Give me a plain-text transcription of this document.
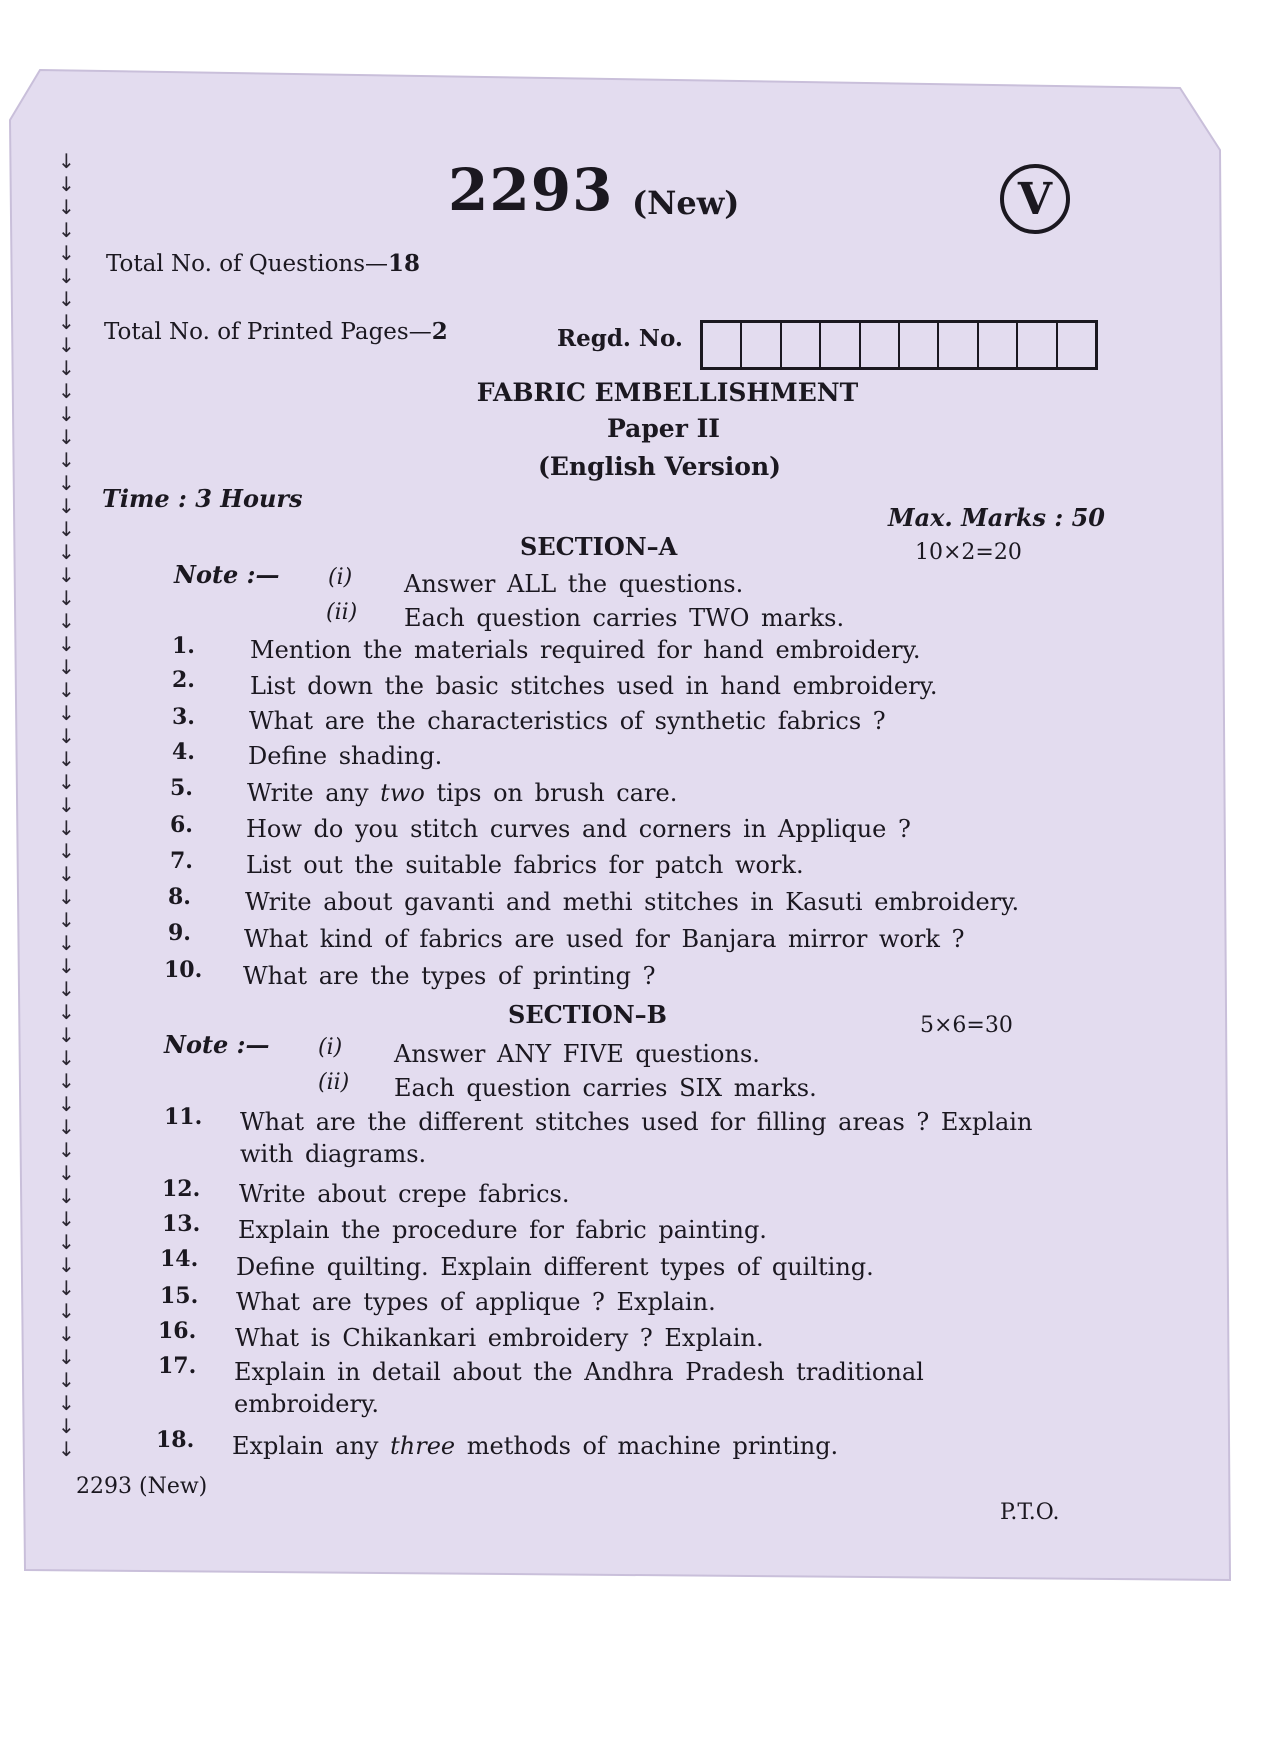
↓
↓
↓
↓
↓
↓
↓
↓
↓
↓
↓
↓
↓
↓
↓
↓
↓
↓
↓
↓
↓
↓
↓
↓
↓
↓
↓
↓
↓
↓
↓
↓
↓
↓
↓
↓
↓
↓
↓
↓
↓
↓
↓
↓
↓
↓
↓
↓
↓
↓
↓
↓
↓
↓
↓
↓
↓
2293 (New)	V
Total No. of Questions—18
Total No. of Printed Pages—2	Regd. No.
FABRIC EMBELLISHMENT
Paper II
(English Version)
Time : 3 Hours
Max. Marks : 50
SECTION–A	10×2=20
Note :— (i) Answer ALL the questions.
(ii) Each question carries TWO marks.
1. Mention the materials required for hand embroidery.
2. List down the basic stitches used in hand embroidery.
3. What are the characteristics of synthetic fabrics ?
4. Define shading.
5. Write any two tips on brush care.
6. How do you stitch curves and corners in Applique ?
7. List out the suitable fabrics for patch work.
8. Write about gavanti and methi stitches in Kasuti embroidery.
9. What kind of fabrics are used for Banjara mirror work ?
10. What are the types of printing ?
SECTION–B	5×6=30
Note :— (i) Answer ANY FIVE questions.
(ii) Each question carries SIX marks.
11. What are the different stitches used for filling areas ? Explain
with diagrams.
12. Write about crepe fabrics.
13. Explain the procedure for fabric painting.
14. Define quilting. Explain different types of quilting.
15. What are types of applique ? Explain.
16. What is Chikankari embroidery ? Explain.
17. Explain in detail about the Andhra Pradesh traditional
embroidery.
18. Explain any three methods of machine printing.
2293 (New)
P.T.O.
